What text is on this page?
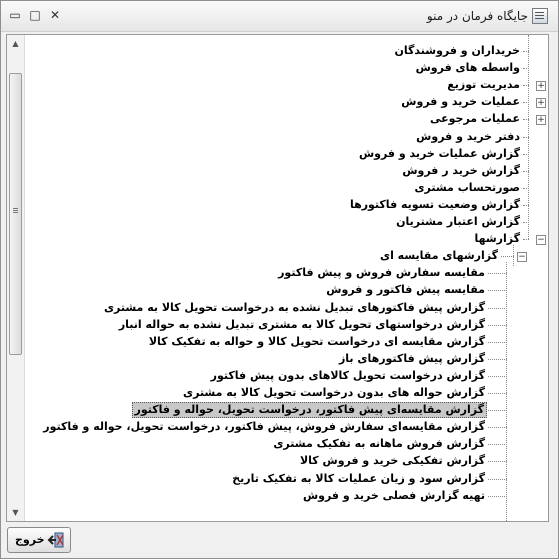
▭ □ ✕	جایگاه فرمان در منو
▲
▼
خریداران و فروشندگان
واسطه های فروش
+
مدیریت توزیع
+
عملیات خرید و فروش
+
عملیات مرجوعی
دفتر خرید و فروش
گزارش عملیات خرید و فروش
گزارش خرید ر فروش
صورتحساب مشتری
گزارش وضعیت تسویه فاکتورها
گزارش اعتبار مشتریان
−
گزارشها
−
گزارشهای مقایسه ای
مقایسه سفارش فروش و پیش فاکتور
مقایسه پیش فاکتور و فروش
گزارش پیش فاکتورهای تبدیل نشده به درخواست تحویل کالا به مشتری
گزارش درخواستهای تحویل کالا به مشتری تبدیل نشده به حواله انبار
گزارش مقایسه ای درخواست تحویل کالا و حواله به تفکیک کالا
گزارش پیش فاکتورهای باز
گزارش درخواست تحویل کالاهای بدون پیش فاکتور
گزارش حواله های بدون درخواست تحویل کالا به مشتری
گزارش مقایسه‌ای پیش فاکتور، درخواست تحویل، حواله و فاکتور
گزارش مقایسه‌ای سفارش فروش، پیش فاکتور، درخواست تحویل، حواله و فاکتور
گزارش فروش ماهانه به تفکیک مشتری
گزارش تفکیکی خرید و فروش کالا
گزارش سود و زیان عملیات کالا به تفکیک تاریخ
تهیه گزارش فصلی خرید و فروش
خروج
